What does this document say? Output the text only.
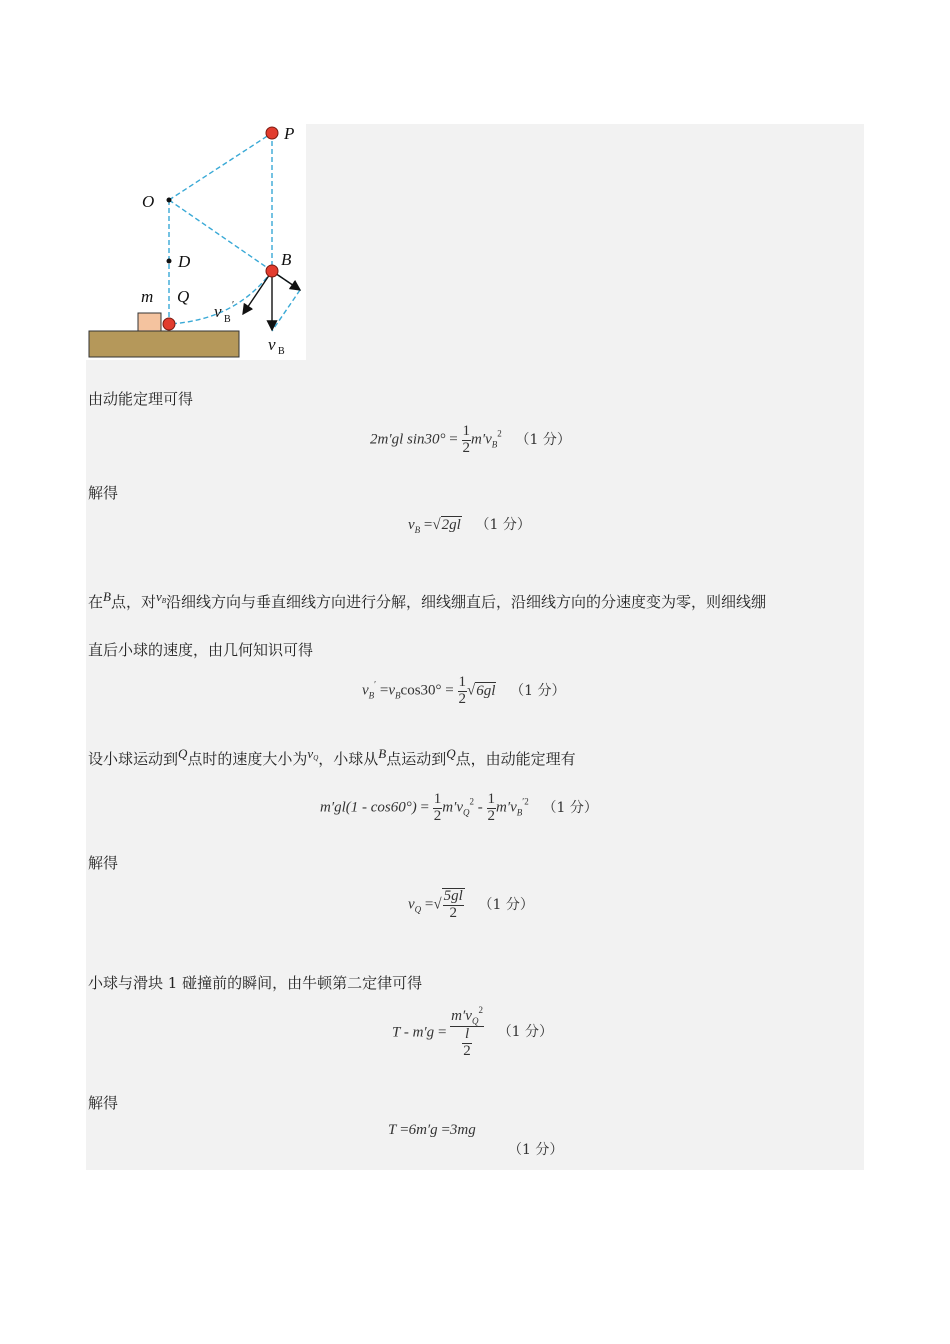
P
O
D	B
m Q
v
v
B
′
B
由动能定理可得
2m′gl $\sin 30^\circ = \frac{1}{2} m'v_B^2$ （1 分）
解得
$v_B =√2gl$ （1 分）
在B点，对vB沿细线方向与垂直细线方向进行分解，细线绷直后，沿细线方向的分速度变为零，则细线绷
直后小球的速度，由几何知识可得
$v_B' =v_B\cos 30^\circ = \frac{1}{2} √6gl$ （1 分）
设小球运动到Q点时的速度大小为vQ，小球从B点运动到Q点，由动能定理有
$m'gl(1 - \cos 60^\circ) = \frac{1}{2} m'v_Q^2 - \frac{1}{2} m'v_B^{'2}$ （1 分）
解得
$v_Q$ =√ $\frac{5gl}{2} (1$ 分）
小球与滑块 1 碰撞前的瞬间，由牛顿第二定律可得
$T - m'g = \frac{m'v_Q^2}{\frac{l}{2}} (1$ 分）
解得
T =6m′g =3mg
（1 分）
